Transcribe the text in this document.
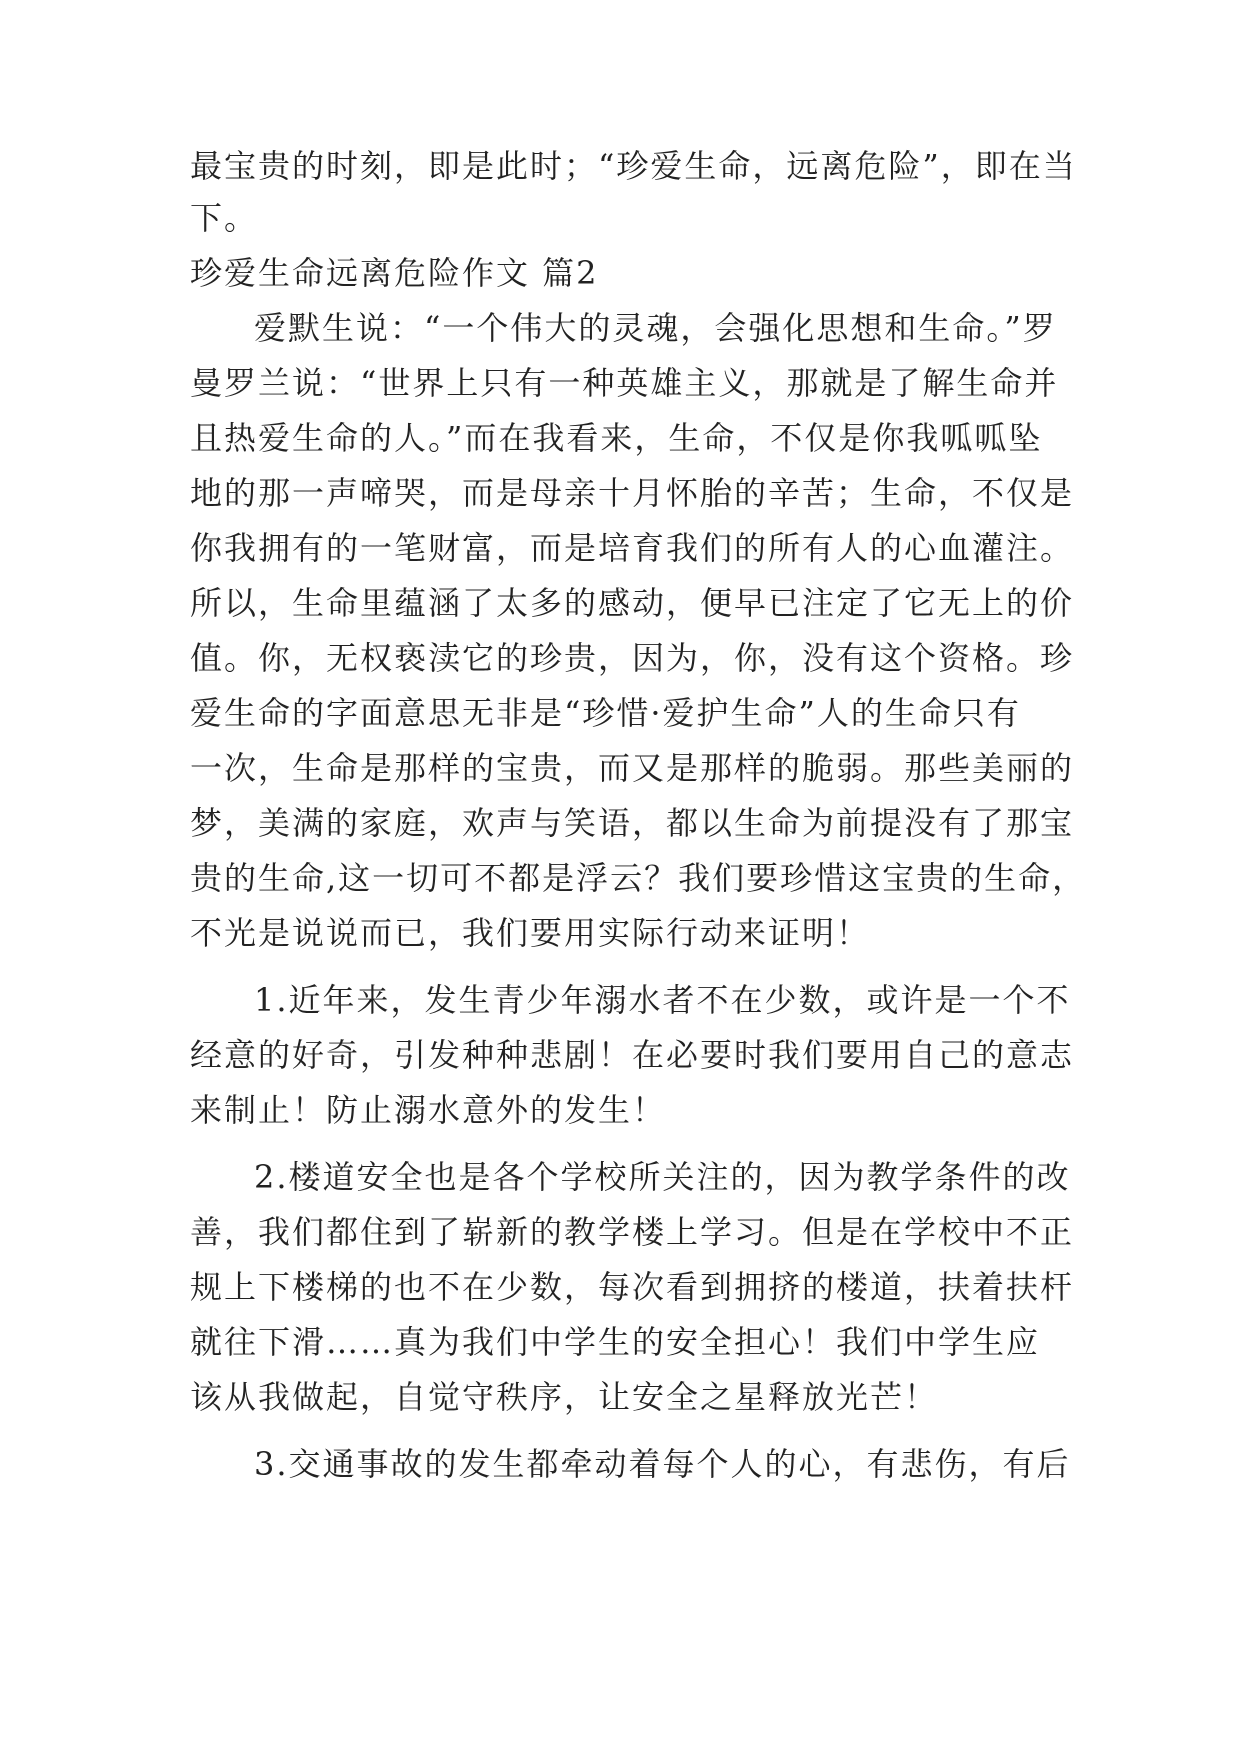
最宝贵的时刻，即是此时；“珍爱生命，远离危险”，即在当
下。
珍爱生命远离危险作文 篇2
爱默生说：“一个伟大的灵魂，会强化思想和生命。”罗
曼罗兰说：“世界上只有一种英雄主义，那就是了解生命并
且热爱生命的人。”而在我看来，生命，不仅是你我呱呱坠
地的那一声啼哭，而是母亲十月怀胎的辛苦；生命，不仅是
你我拥有的一笔财富，而是培育我们的所有人的心血灌注。
所以，生命里蕴涵了太多的感动，便早已注定了它无上的价
值。你，无权亵渎它的珍贵，因为，你，没有这个资格。珍
爱生命的字面意思无非是“珍惜·爱护生命”人的生命只有
一次，生命是那样的宝贵，而又是那样的脆弱。那些美丽的
梦，美满的家庭，欢声与笑语，都以生命为前提没有了那宝
贵的生命,这一切可不都是浮云？我们要珍惜这宝贵的生命，
不光是说说而已，我们要用实际行动来证明！
1.近年来，发生青少年溺水者不在少数，或许是一个不
经意的好奇，引发种种悲剧！在必要时我们要用自己的意志
来制止！防止溺水意外的发生！
2.楼道安全也是各个学校所关注的，因为教学条件的改
善，我们都住到了崭新的教学楼上学习。但是在学校中不正
规上下楼梯的也不在少数，每次看到拥挤的楼道，扶着扶杆
就往下滑……真为我们中学生的安全担心！我们中学生应
该从我做起，自觉守秩序，让安全之星释放光芒！
3.交通事故的发生都牵动着每个人的心，有悲伤，有后
